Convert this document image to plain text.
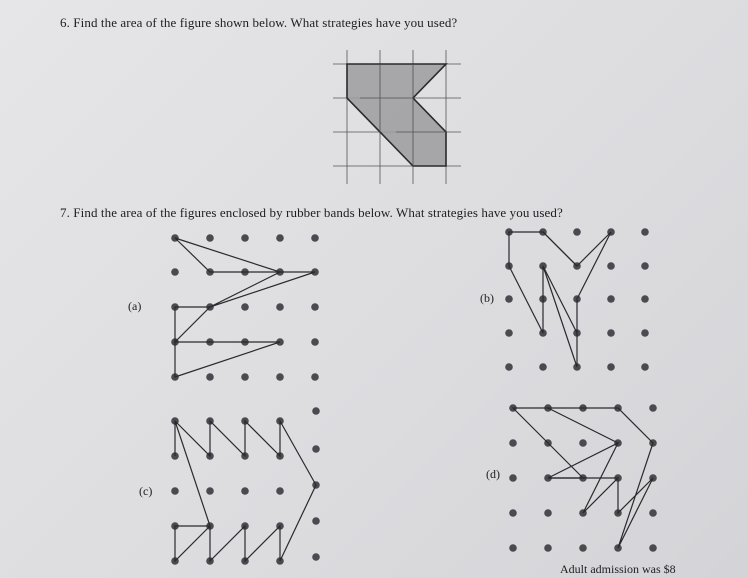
6. Find the area of the figure shown below. What strategies have you used?
7. Find the area of the figures enclosed by rubber bands below. What strategies have you used?
(a)
(b)
(c)
(d)
Adult admission was $8
